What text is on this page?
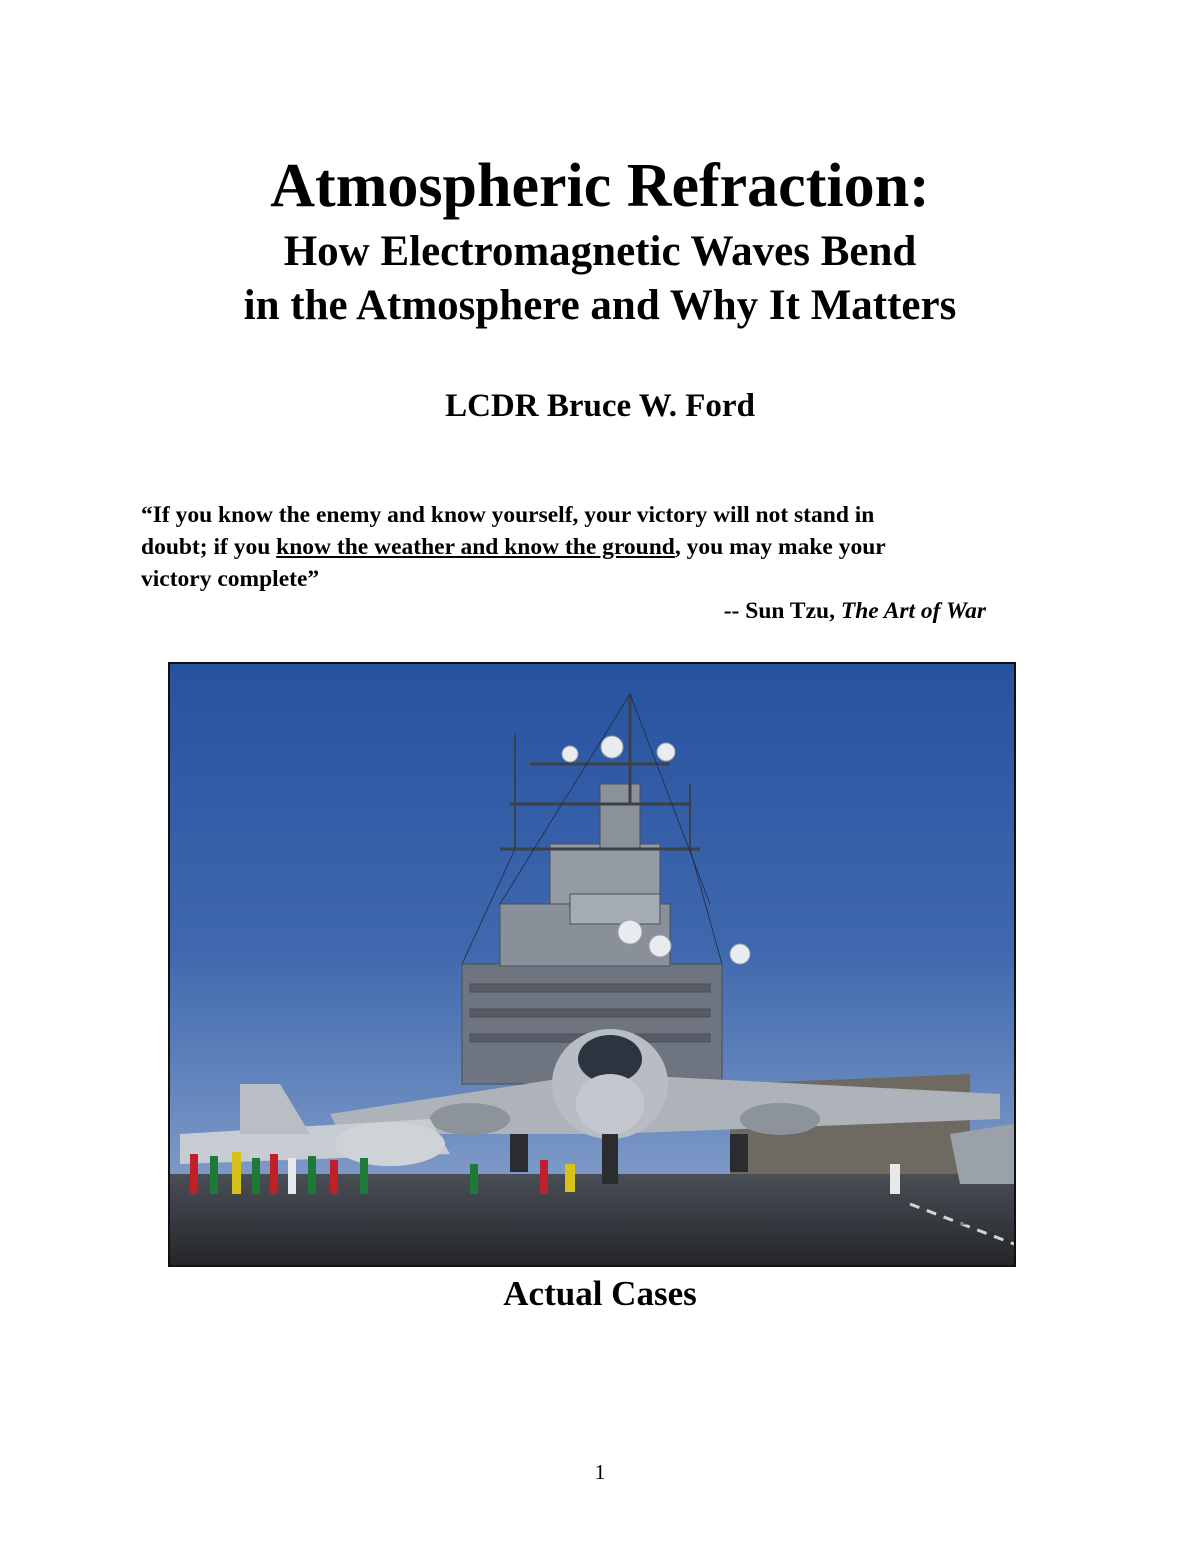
Atmospheric Refraction:
How Electromagnetic Waves Bend
in the Atmosphere and Why It Matters
LCDR Bruce W. Ford
“If you know the enemy and know yourself, your victory will not stand in
doubt; if you know the weather and know the ground, you may make your
victory complete”
-- Sun Tzu, The Art of War
Actual Cases
1
